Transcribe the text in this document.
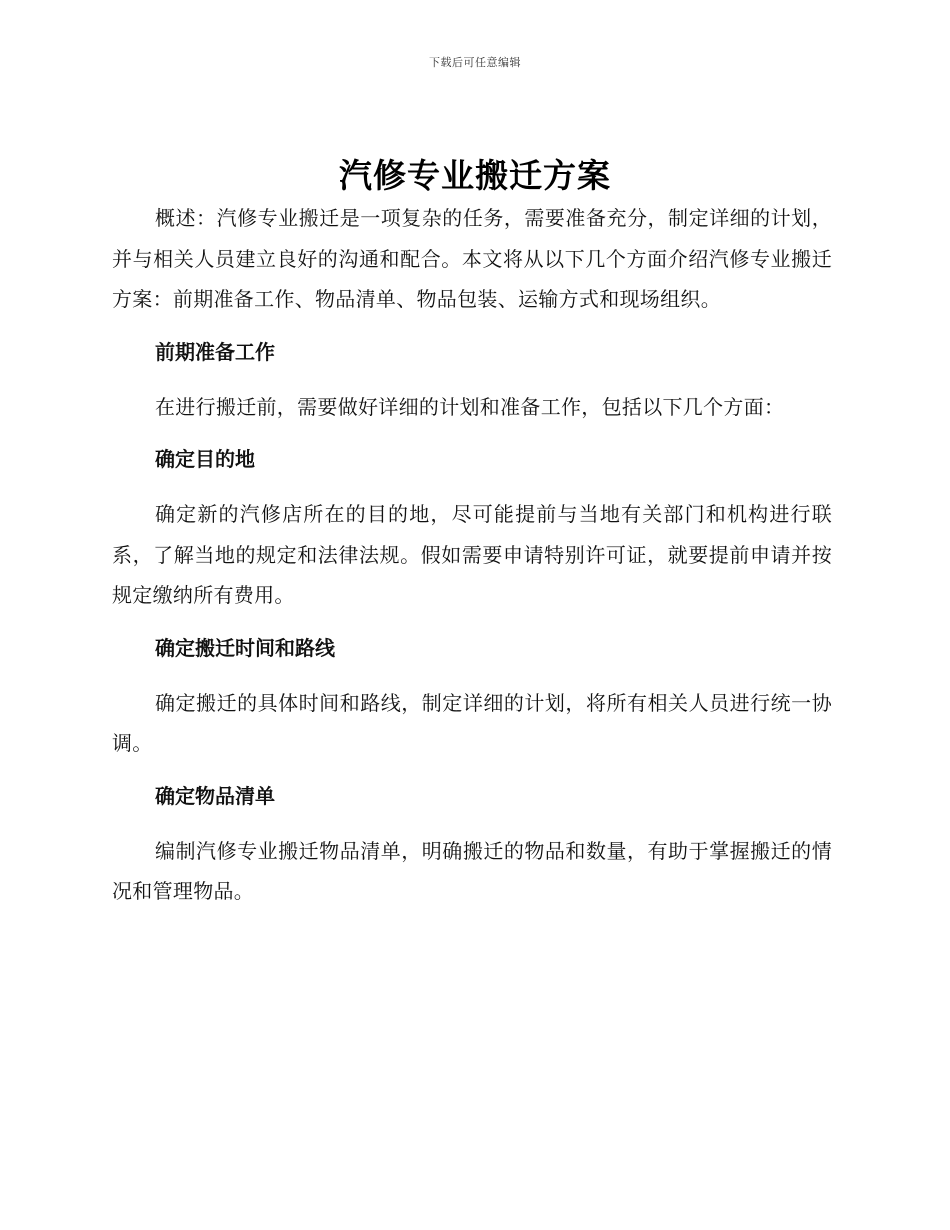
下载后可任意编辑
汽修专业搬迁方案

概述：汽修专业搬迁是一项复杂的任务，需要准备充分，制定详细的计划，并与相关人员建立良好的沟通和配合。本文将从以下几个方面介绍汽修专业搬迁方案：前期准备工作、物品清单、物品包装、运输方式和现场组织。

前期准备工作

在进行搬迁前，需要做好详细的计划和准备工作，包括以下几个方面：

确定目的地

确定新的汽修店所在的目的地，尽可能提前与当地有关部门和机构进行联系，了解当地的规定和法律法规。假如需要申请特别许可证，就要提前申请并按规定缴纳所有费用。

确定搬迁时间和路线

确定搬迁的具体时间和路线，制定详细的计划，将所有相关人员进行统一协调。

确定物品清单

编制汽修专业搬迁物品清单，明确搬迁的物品和数量，有助于掌握搬迁的情况和管理物品。
